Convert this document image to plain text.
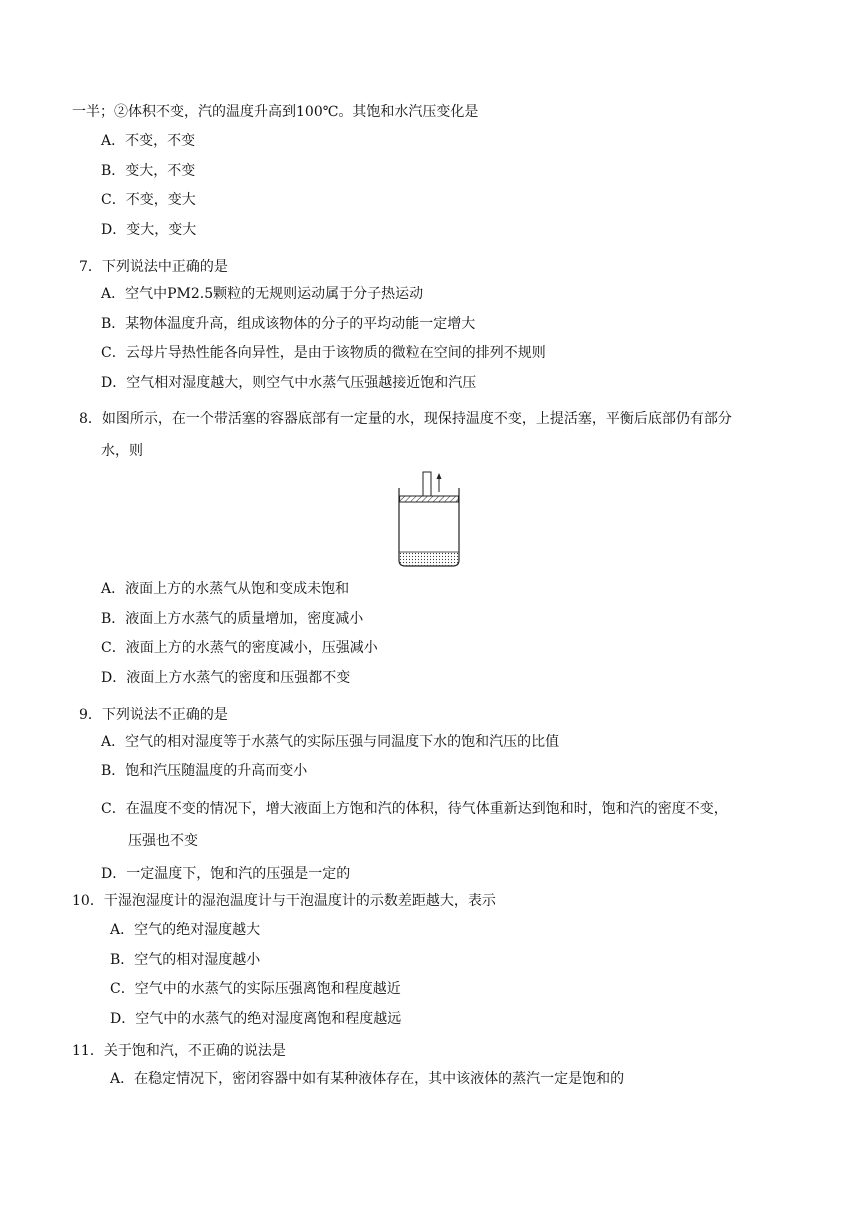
一半；②体积不变，汽的温度升高到100℃。其饱和水汽压变化是
A．不变，不变
B．变大，不变
C．不变，变大
D．变大，变大
7．下列说法中正确的是
A．空气中PM2.5颗粒的无规则运动属于分子热运动
B．某物体温度升高，组成该物体的分子的平均动能一定增大
C．云母片导热性能各向异性，是由于该物质的微粒在空间的排列不规则
D．空气相对湿度越大，则空气中水蒸气压强越接近饱和汽压
8．如图所示，在一个带活塞的容器底部有一定量的水，现保持温度不变，上提活塞，平衡后底部仍有部分
水，则
A．液面上方的水蒸气从饱和变成未饱和
B．液面上方水蒸气的质量增加，密度减小
C．液面上方的水蒸气的密度减小，压强减小
D．液面上方水蒸气的密度和压强都不变
9．下列说法不正确的是
A．空气的相对湿度等于水蒸气的实际压强与同温度下水的饱和汽压的比值
B．饱和汽压随温度的升高而变小
C．在温度不变的情况下，增大液面上方饱和汽的体积，待气体重新达到饱和时，饱和汽的密度不变，
压强也不变
D．一定温度下，饱和汽的压强是一定的
10．干湿泡湿度计的湿泡温度计与干泡温度计的示数差距越大，表示
A．空气的绝对湿度越大
B．空气的相对湿度越小
C．空气中的水蒸气的实际压强离饱和程度越近
D．空气中的水蒸气的绝对湿度离饱和程度越远
11．关于饱和汽，不正确的说法是
A．在稳定情况下，密闭容器中如有某种液体存在，其中该液体的蒸汽一定是饱和的
